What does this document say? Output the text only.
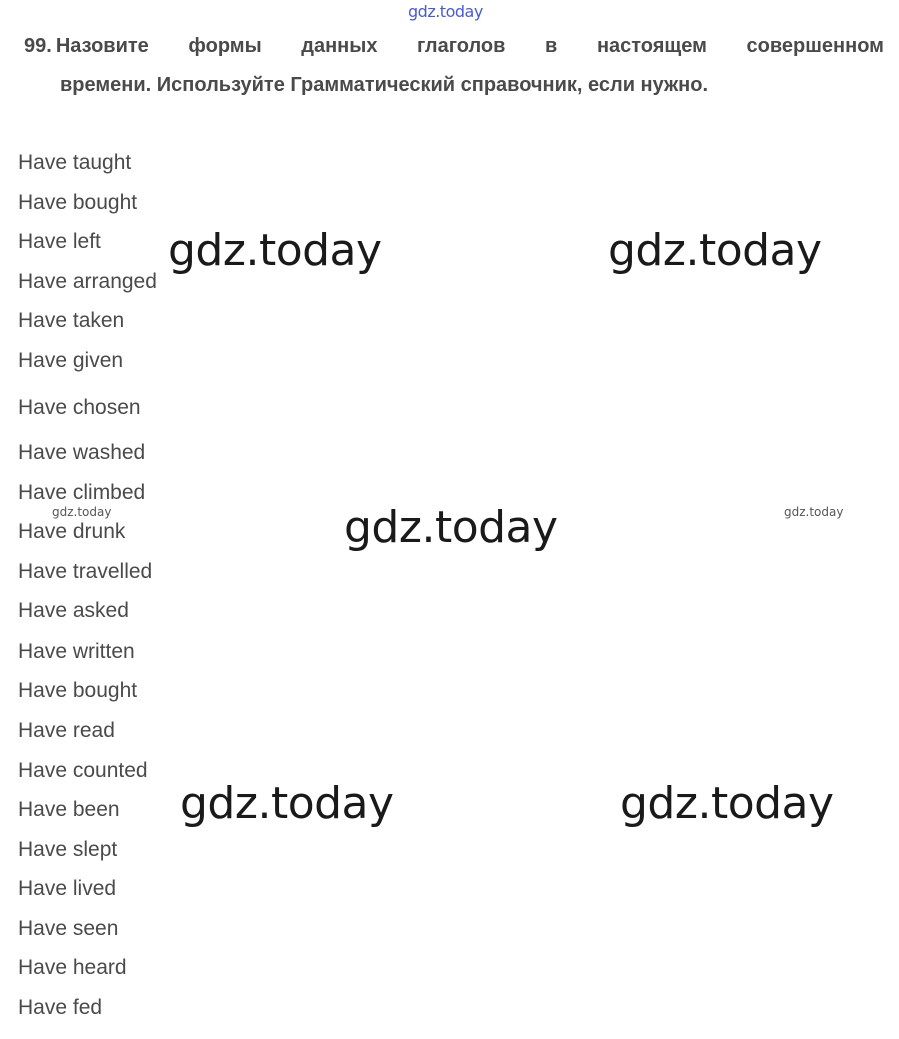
gdz.today
99. Назовите формы данных глаголов в настоящем совершенном
времени. Используйте Грамматический справочник, если нужно.
Have taught
Have bought
Have left
Have arranged
Have taken
Have given
Have chosen
Have washed
Have climbed
Have drunk
Have travelled
Have asked
Have written
Have bought
Have read
Have counted
Have been
Have slept
Have lived
Have seen
Have heard
Have fed
gdz.today	gdz.today
gdz.today
gdz.today	gdz.today
gdz.today	gdz.today
